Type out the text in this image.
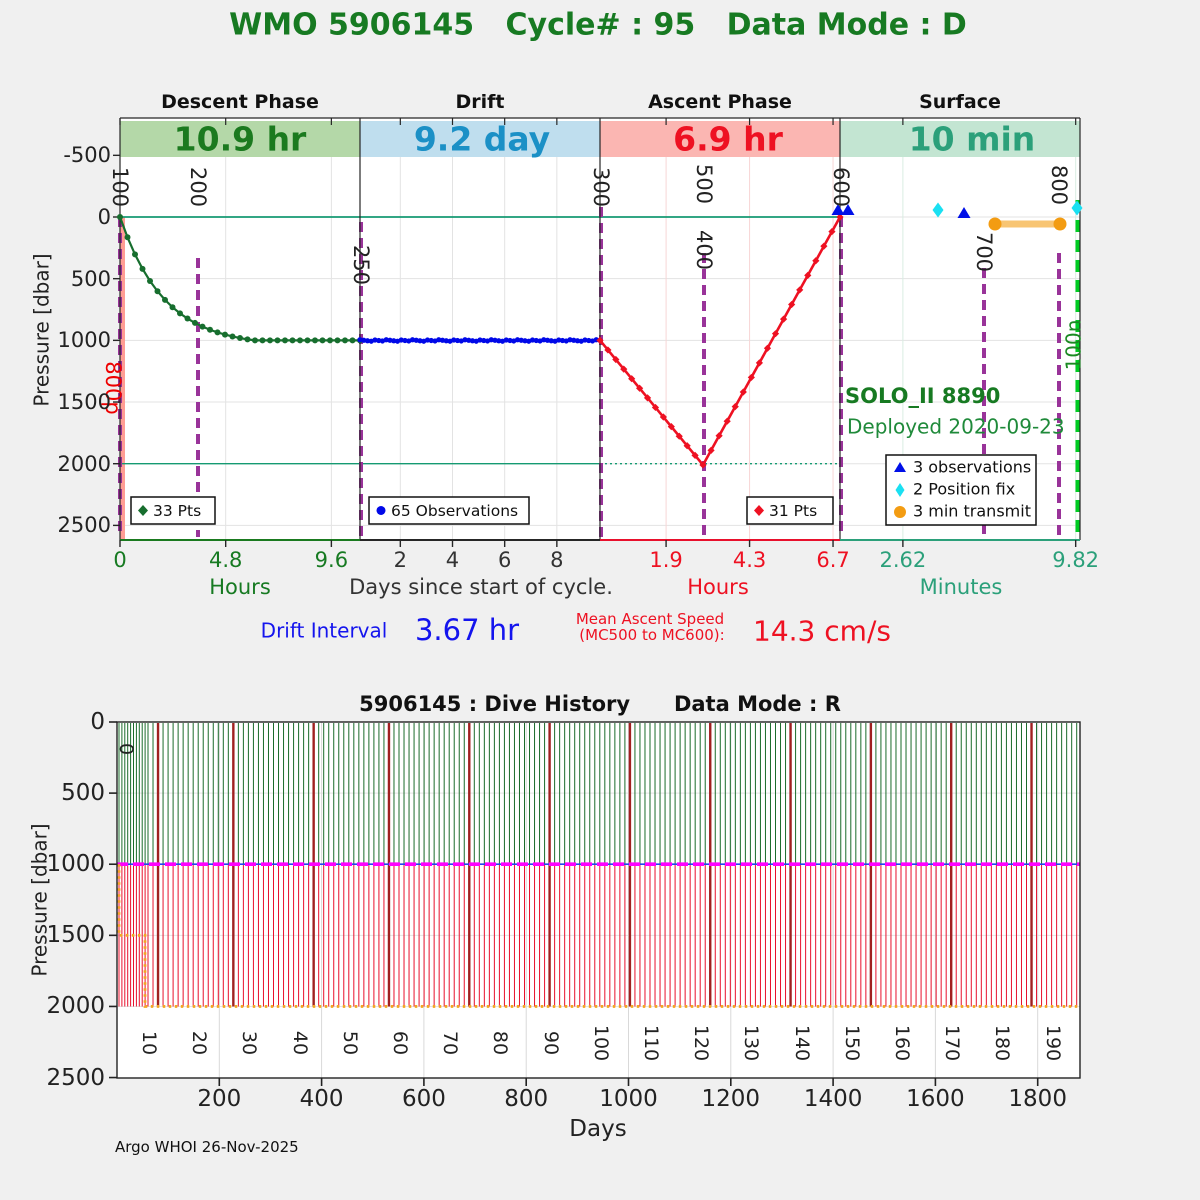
WMO 5906145   Cycle# : 95   Data Mode : D
Descent Phase	Drift	Ascent Phase	Surface
10.9 hr	9.2 day	6.9 hr	10 min
Pressure [dbar] 800p
100n
SOLO_II 8890
Deployed 2020-09-23
3 observations
2 Position fix
3 min transmit
33 Pts	65 Observations	31 Pts
Hours	Days since start of cycle.	Hours	Minutes
Drift Interval 3.67 hr	Mean Ascent Speed
(MC500 to MC600): 14.3 cm/s
5906145 : Dive History      Data Mode : R
Pressure [dbar]
Days
Argo WHOI 26-Nov-2025
-500
0
500
1000
1500
2000
2500
100	200
250
300	500
400
600
700
800
0	4.8	9.6 2 4 6 8	1.9 4.3 6.7 2.62	9.82
200	400	600	800 1000 1200 1400 1600 1800
0
500
1000
1500
2000
2500
0
10 20 30 40 50 60 70 80 90 100 110 120 130 140 150 160 170 180 190
